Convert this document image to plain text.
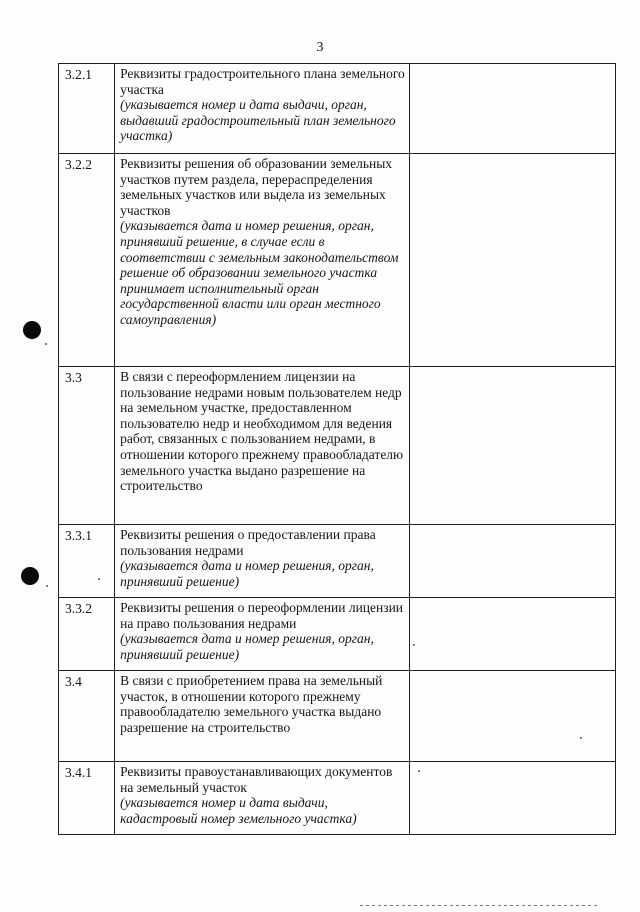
3
3.2.1	Реквизиты градостроительного плана земельного участка
(указывается номер и дата выдачи, орган, выдавший градостроительный план земельного участка)	

3.2.2	Реквизиты решения об образовании земельных участков путем раздела, перераспределения земельных участков или выдела из земельных участков
(указывается дата и номер решения, орган, принявший решение, в случае если в соответствии с земельным законодательством решение об образовании земельного участка принимает исполнительный орган государственной власти или орган местного самоуправления)	

3.3	В связи с переоформлением лицензии на пользование недрами новым пользователем недр на земельном участке, предоставленном пользователю недр и необходимом для ведения работ, связанных с пользованием недрами, в отношении которого прежнему правообладателю земельного участка выдано разрешение на строительство	

3.3.1	Реквизиты решения о предоставлении права пользования недрами
(указывается дата и номер решения, орган, принявший решение)	

3.3.2	Реквизиты решения о переоформлении лицензии на право пользования недрами
(указывается дата и номер решения, орган, принявший решение)	

3.4	В связи с приобретением права на земельный участок, в отношении которого прежнему правообладателю земельного участка выдано разрешение на строительство	

3.4.1	Реквизиты правоустанавливающих документов на земельный участок
(указывается номер и дата выдачи, кадастровый номер земельного участка)	
